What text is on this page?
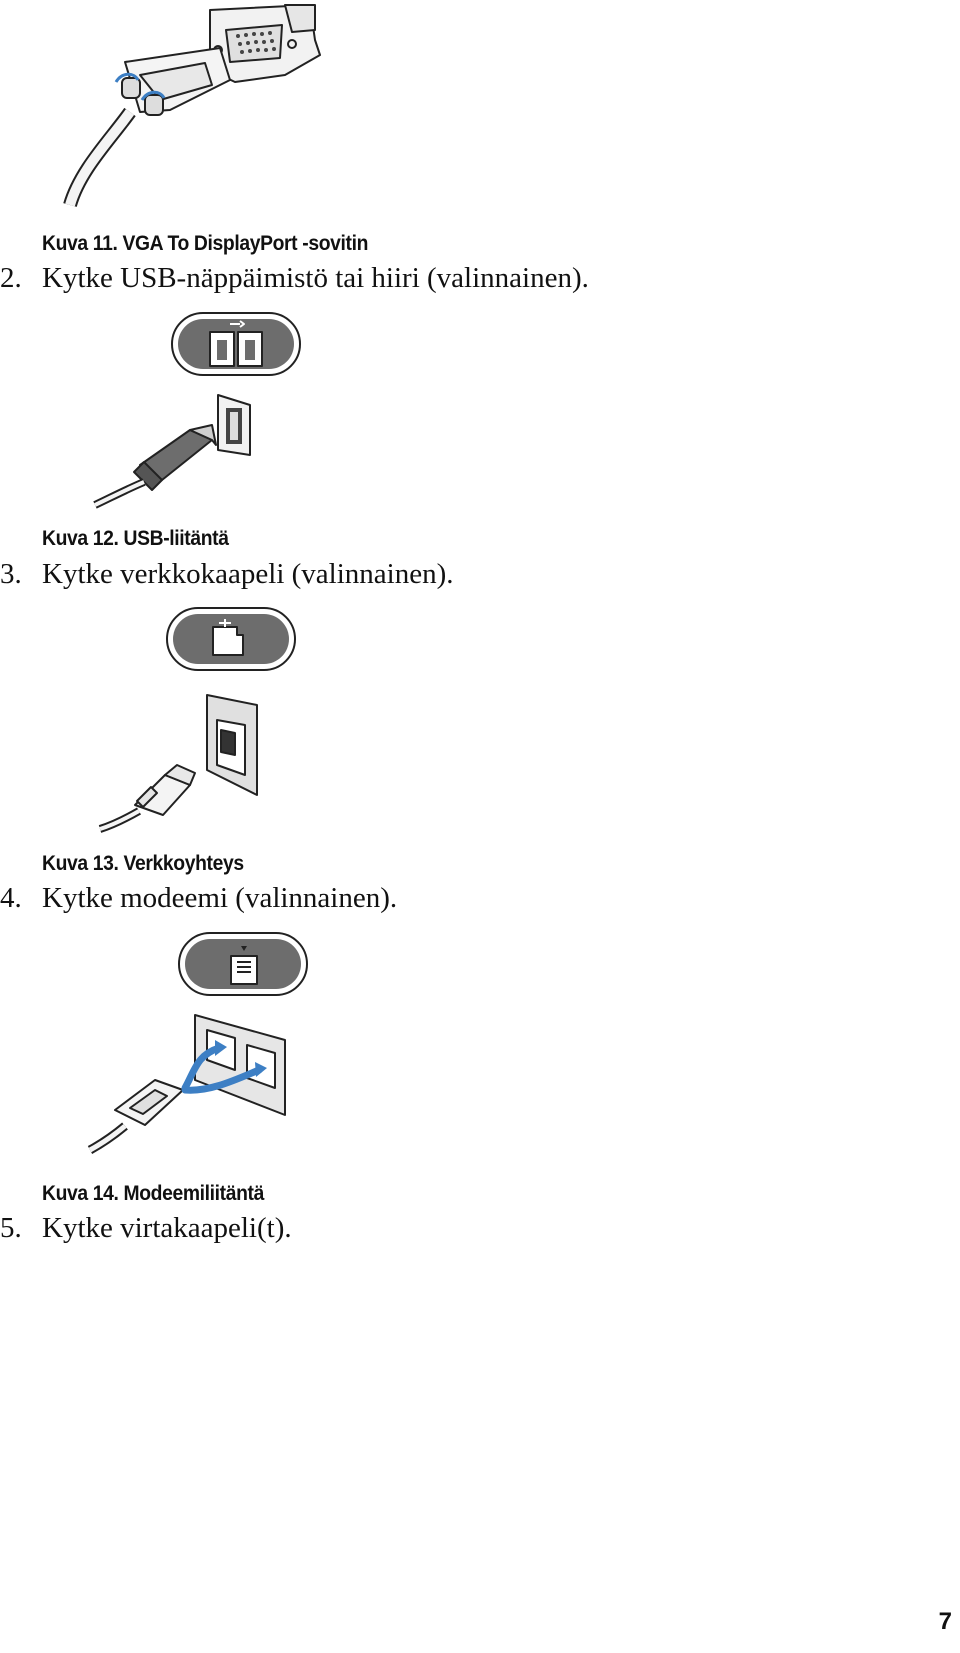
Kuva 11. VGA To DisplayPort -sovitin

2. Kytke USB-näppäimistö tai hiiri (valinnainen).

Kuva 12. USB-liitäntä

3. Kytke verkkokaapeli (valinnainen).

Kuva 13. Verkkoyhteys

4. Kytke modeemi (valinnainen).

Kuva 14. Modeemiliitäntä

5. Kytke virtakaapeli(t).

7
